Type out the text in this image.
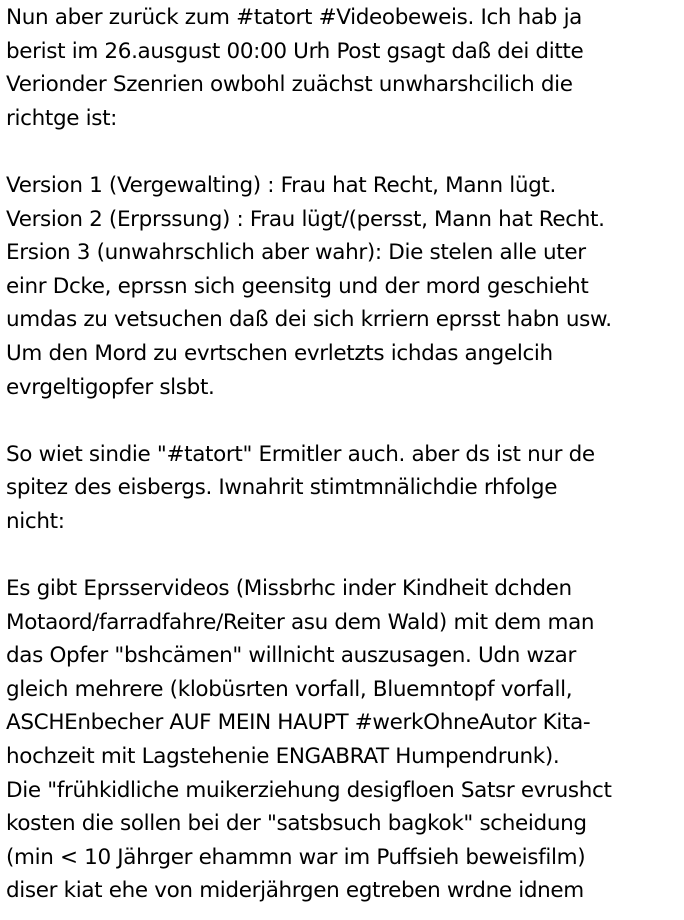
Nun aber zurück zum #tatort #Videobeweis. Ich hab ja
berist im 26.ausgust 00:00 Urh Post gsagt daß dei ditte
Verionder Szenrien owbohl zuächst unwharshcilich die
richtge ist:
Version 1 (Vergewalting) : Frau hat Recht, Mann lügt.
Version 2 (Erprssung) : Frau lügt/(persst, Mann hat Recht.
Ersion 3 (unwahrschlich aber wahr): Die stelen alle uter
einr Dcke, eprssn sich geensitg und der mord geschieht
umdas zu vetsuchen daß dei sich krriern eprsst habn usw.
Um den Mord zu evrtschen evrletzts ichdas angelcih
evrgeltigopfer slsbt.
So wiet sindie "#tatort" Ermitler auch. aber ds ist nur de
spitez des eisbergs. Iwnahrit stimtmnälichdie rhfolge
nicht:
Es gibt Eprsservideos (Missbrhc inder Kindheit dchden
Motaord/farradfahre/Reiter asu dem Wald) mit dem man
das Opfer "bshcämen" willnicht auszusagen. Udn wzar
gleich mehrere (klobüsrten vorfall, Bluemntopf vorfall,
ASCHEnbecher AUF MEIN HAUPT #werkOhneAutor Kita-
hochzeit mit Lagstehenie ENGABRAT Humpendrunk).
Die "frühkidliche muikerziehung desigfloen Satsr evrushct
kosten die sollen bei der "satsbsuch bagkok" scheidung
(min < 10 Jährger ehammn war im Puffsieh beweisfilm)
diser kiat ehe von miderjährgen egtreben wrdne idnem
